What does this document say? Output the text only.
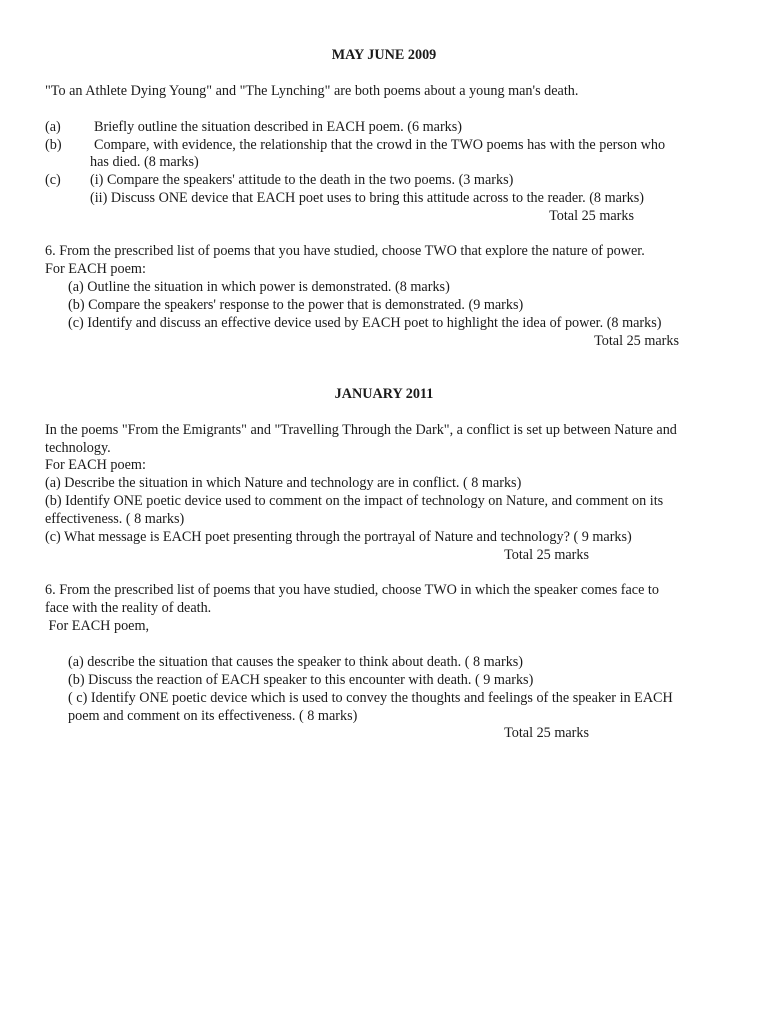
MAY JUNE 2009
"To an Athlete Dying Young" and "The Lynching" are both poems about a young man's death.
(a) Briefly outline the situation described in EACH poem. (6 marks)
(b) Compare, with evidence, the relationship that the crowd in the TWO poems has with the person who
has died. (8 marks)
(c) (i) Compare the speakers' attitude to the death in the two poems. (3 marks)
(ii) Discuss ONE device that EACH poet uses to bring this attitude across to the reader. (8 marks)
Total 25 marks
6. From the prescribed list of poems that you have studied, choose TWO that explore the nature of power.
For EACH poem:
(a) Outline the situation in which power is demonstrated. (8 marks)
(b) Compare the speakers' response to the power that is demonstrated. (9 marks)
(c) Identify and discuss an effective device used by EACH poet to highlight the idea of power. (8 marks)
Total 25 marks
JANUARY 2011
In the poems "From the Emigrants" and "Travelling Through the Dark", a conflict is set up between Nature and
technology.
For EACH poem:
(a) Describe the situation in which Nature and technology are in conflict. ( 8 marks)
(b) Identify ONE poetic device used to comment on the impact of technology on Nature, and comment on its
effectiveness. ( 8 marks)
(c) What message is EACH poet presenting through the portrayal of Nature and technology? ( 9 marks)
Total 25 marks
6. From the prescribed list of poems that you have studied, choose TWO in which the speaker comes face to
face with the reality of death.
For EACH poem,
(a) describe the situation that causes the speaker to think about death. ( 8 marks)
(b) Discuss the reaction of EACH speaker to this encounter with death. ( 9 marks)
( c) Identify ONE poetic device which is used to convey the thoughts and feelings of the speaker in EACH
poem and comment on its effectiveness. ( 8 marks)
Total 25 marks
